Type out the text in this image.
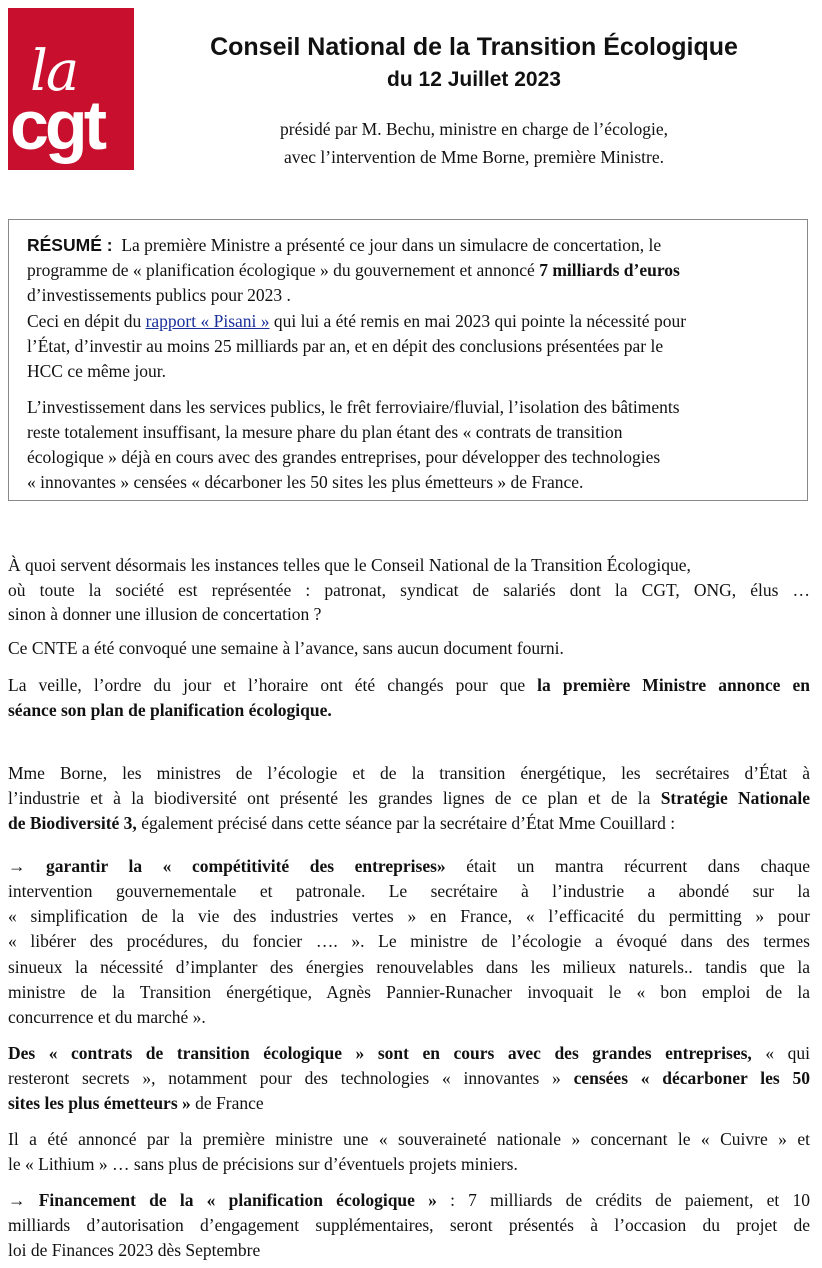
la
cgt
Conseil National de la Transition Écologique
du 12 Juillet 2023
présidé par M. Bechu, ministre en charge de l’écologie,
avec l’intervention de Mme Borne, première Ministre.
RÉSUMÉ : La première Ministre a présenté ce jour dans un simulacre de concertation, le
programme de « planification écologique » du gouvernement et annoncé 7 milliards d’euros
d’investissements publics pour 2023 .
Ceci en dépit du rapport « Pisani » qui lui a été remis en mai 2023 qui pointe la nécessité pour
l’État, d’investir au moins 25 milliards par an, et en dépit des conclusions présentées par le
HCC ce même jour.
L’investissement dans les services publics, le frêt ferroviaire/fluvial, l’isolation des bâtiments
reste totalement insuffisant, la mesure phare du plan étant des « contrats de transition
écologique » déjà en cours avec des grandes entreprises, pour développer des technologies
« innovantes » censées « décarboner les 50 sites les plus émetteurs » de France.
À quoi servent désormais les instances telles que le Conseil National de la Transition Écologique,
où toute la société est représentée : patronat, syndicat de salariés dont la CGT, ONG, élus …
sinon à donner une illusion de concertation ?
Ce CNTE a été convoqué une semaine à l’avance, sans aucun document fourni.
La veille, l’ordre du jour et l’horaire ont été changés pour que la première Ministre annonce en
séance son plan de planification écologique.
Mme Borne, les ministres de l’écologie et de la transition énergétique, les secrétaires d’État à
l’industrie et à la biodiversité ont présenté les grandes lignes de ce plan et de la Stratégie Nationale
de Biodiversité 3, également précisé dans cette séance par la secrétaire d’État Mme Couillard :
→ garantir la « compétitivité des entreprises» était un mantra récurrent dans chaque
intervention gouvernementale et patronale. Le secrétaire à l’industrie a abondé sur la
« simplification de la vie des industries vertes » en France, « l’efficacité du permitting » pour
« libérer des procédures, du foncier …. ». Le ministre de l’écologie a évoqué dans des termes
sinueux la nécessité d’implanter des énergies renouvelables dans les milieux naturels.. tandis que la
ministre de la Transition énergétique, Agnès Pannier-Runacher invoquait le « bon emploi de la
concurrence et du marché ».
Des « contrats de transition écologique » sont en cours avec des grandes entreprises, « qui
resteront secrets », notamment pour des technologies « innovantes » censées « décarboner les 50
sites les plus émetteurs » de France
Il a été annoncé par la première ministre une « souveraineté nationale » concernant le « Cuivre » et
le « Lithium » … sans plus de précisions sur d’éventuels projets miniers.
→ Financement de la « planification écologique » : 7 milliards de crédits de paiement, et 10
milliards d’autorisation d’engagement supplémentaires, seront présentés à l’occasion du projet de
loi de Finances 2023 dès Septembre
